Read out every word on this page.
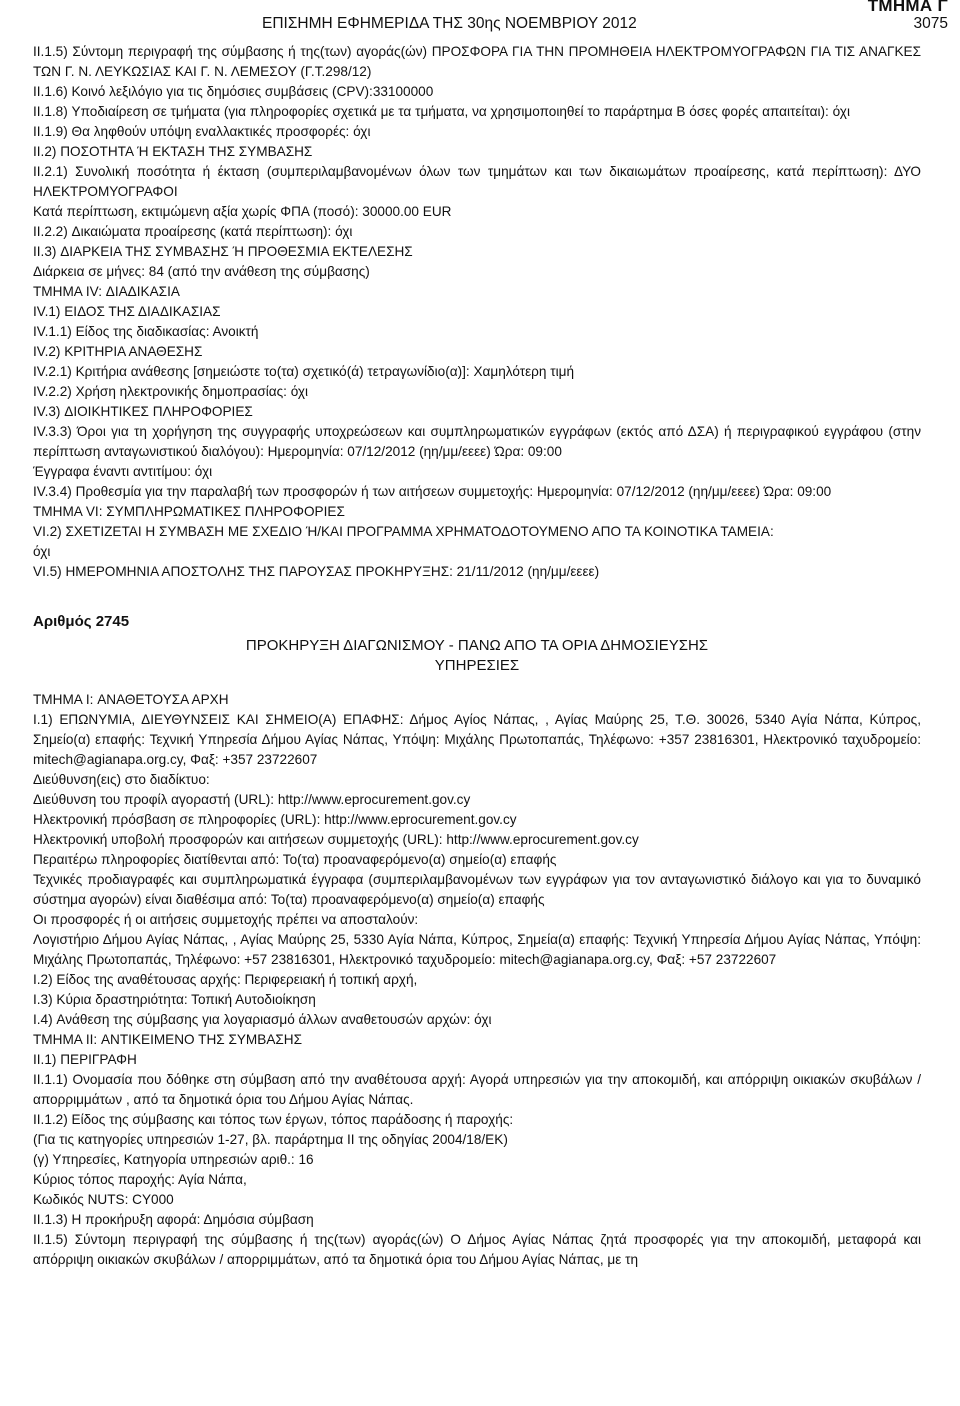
ΤΜΗΜΑ Γ
ΕΠΙΣΗΜΗ ΕΦΗΜΕΡΙΔΑ ΤΗΣ 30ης ΝΟΕΜΒΡΙΟΥ 2012	3075

II.1.5) Σύντομη περιγραφή της σύμβασης ή της(των) αγοράς(ών) ΠΡΟΣΦΟΡΑ ΓΙΑ ΤΗΝ ΠΡΟΜΗΘΕΙΑ ΗΛΕΚΤΡΟΜΥΟΓΡΑΦΩΝ ΓΙΑ ΤΙΣ ΑΝΑΓΚΕΣ ΤΩΝ Γ. Ν. ΛΕΥΚΩΣΙΑΣ ΚΑΙ Γ. Ν. ΛΕΜΕΣΟΥ (Γ.Τ.298/12)

II.1.6) Κοινό λεξιλόγιο για τις δημόσιες συμβάσεις (CPV):33100000

II.1.8) Υποδιαίρεση σε τμήματα (για πληροφορίες σχετικά με τα τμήματα, να χρησιμοποιηθεί το παράρτημα B όσες φορές απαιτείται): όχι

II.1.9) Θα ληφθούν υπόψη εναλλακτικές προσφορές: όχι

II.2) ΠΟΣΟΤΗΤΑ Ή ΕΚΤΑΣΗ ΤΗΣ ΣΥΜΒΑΣΗΣ

II.2.1) Συνολική ποσότητα ή έκταση (συμπεριλαμβανομένων όλων των τμημάτων και των δικαιωμάτων προαίρεσης, κατά περίπτωση): ΔΥΟ ΗΛΕΚΤΡΟΜΥΟΓΡΑΦΟΙ

Κατά περίπτωση, εκτιμώμενη αξία χωρίς ΦΠΑ (ποσό): 30000.00 EUR

II.2.2) Δικαιώματα προαίρεσης (κατά περίπτωση): όχι

II.3) ΔΙΑΡΚΕΙΑ ΤΗΣ ΣΥΜΒΑΣΗΣ Ή ΠΡΟΘΕΣΜΙΑ ΕΚΤΕΛΕΣΗΣ

Διάρκεια σε μήνες: 84 (από την ανάθεση της σύμβασης)

ΤΜΗΜΑ IV: ΔΙΑΔΙΚΑΣΙΑ

IV.1) ΕΙΔΟΣ ΤΗΣ ΔΙΑΔΙΚΑΣΙΑΣ

IV.1.1) Είδος της διαδικασίας: Ανοικτή

IV.2) ΚΡΙΤΗΡΙΑ ΑΝΑΘΕΣΗΣ

IV.2.1) Κριτήρια ανάθεσης [σημειώστε το(τα) σχετικό(ά) τετραγωνίδιο(α)]: Χαμηλότερη τιμή

IV.2.2) Χρήση ηλεκτρονικής δημοπρασίας: όχι

IV.3) ΔΙΟΙΚΗΤΙΚΕΣ ΠΛΗΡΟΦΟΡΙΕΣ

IV.3.3) Όροι για τη χορήγηση της συγγραφής υποχρεώσεων και συμπληρωματικών εγγράφων (εκτός από ΔΣΑ) ή περιγραφικού εγγράφου (στην περίπτωση ανταγωνιστικού διαλόγου): Ημερομηνία: 07/12/2012 (ηη/μμ/εεεε) Ώρα: 09:00

Έγγραφα έναντι αντιτίμου: όχι

IV.3.4) Προθεσμία για την παραλαβή των προσφορών ή των αιτήσεων συμμετοχής: Ημερομηνία: 07/12/2012 (ηη/μμ/εεεε) Ώρα: 09:00

ΤΜΗΜΑ VI: ΣΥΜΠΛΗΡΩΜΑΤΙΚΕΣ ΠΛΗΡΟΦΟΡΙΕΣ

VI.2) ΣΧΕΤΙΖΕΤΑΙ Η ΣΥΜΒΑΣΗ ΜΕ ΣΧΕΔΙΟ Ή/ΚΑΙ ΠΡΟΓΡΑΜΜΑ ΧΡΗΜΑΤΟΔΟΤΟΥΜΕΝΟ ΑΠΟ ΤΑ ΚΟΙΝΟΤΙΚΑ ΤΑΜΕΙΑ:

όχι

VI.5) ΗΜΕΡΟΜΗΝΙΑ ΑΠΟΣΤΟΛΗΣ ΤΗΣ ΠΑΡΟΥΣΑΣ ΠΡΟΚΗΡΥΞΗΣ: 21/11/2012 (ηη/μμ/εεεε)

Αριθμός 2745
ΠΡΟΚΗΡΥΞΗ ΔΙΑΓΩΝΙΣΜΟΥ - ΠΑΝΩ ΑΠΟ ΤΑ ΟΡΙΑ ΔΗΜΟΣΙΕΥΣΗΣ
ΥΠΗΡΕΣΙΕΣ

ΤΜΗΜΑ I: ΑΝΑΘΕΤΟΥΣΑ ΑΡΧΗ

I.1) ΕΠΩΝΥΜΙΑ, ΔΙΕΥΘΥΝΣΕΙΣ ΚΑΙ ΣΗΜΕΙΟ(Α) ΕΠΑΦΗΣ: Δήμος Αγίος Νάπας, , Αγίας Μαύρης 25, Τ.Θ. 30026, 5340 Αγία Νάπα, Κύπρος, Σημείο(α) επαφής: Τεχνική Υπηρεσία Δήμου Αγίας Νάπας, Υπόψη: Μιχάλης Πρωτοπαπάς, Τηλέφωνο: +357 23816301, Ηλεκτρονικό ταχυδρομείο: mitech@agianapa.org.cy, Φαξ: +357 23722607

Διεύθυνση(εις) στο διαδίκτυο:

Διεύθυνση του προφίλ αγοραστή (URL): http://www.eprocurement.gov.cy

Ηλεκτρονική πρόσβαση σε πληροφορίες (URL): http://www.eprocurement.gov.cy

Ηλεκτρονική υποβολή προσφορών και αιτήσεων συμμετοχής (URL): http://www.eprocurement.gov.cy

Περαιτέρω πληροφορίες διατίθενται από: Το(τα) προαναφερόμενο(α) σημείο(α) επαφής

Τεχνικές προδιαγραφές και συμπληρωματικά έγγραφα (συμπεριλαμβανομένων των εγγράφων για τον ανταγωνιστικό διάλογο και για το δυναμικό σύστημα αγορών) είναι διαθέσιμα από: Το(τα) προαναφερόμενο(α) σημείο(α) επαφής

Οι προσφορές ή οι αιτήσεις συμμετοχής πρέπει να αποσταλούν:

Λογιστήριο Δήμου Αγίας Νάπας, , Αγίας Μαύρης 25, 5330 Αγία Νάπα, Κύπρος, Σημεία(α) επαφής: Τεχνική Υπηρεσία Δήμου Αγίας Νάπας, Υπόψη: Μιχάλης Πρωτοπαπάς, Τηλέφωνο: +57 23816301, Ηλεκτρονικό ταχυδρομείο: mitech@agianapa.org.cy, Φαξ: +57 23722607

I.2) Είδος της αναθέτουσας αρχής: Περιφερειακή ή τοπική αρχή,

I.3) Κύρια δραστηριότητα: Τοπική Αυτοδιοίκηση

I.4) Ανάθεση της σύμβασης για λογαριασμό άλλων αναθετουσών αρχών: όχι

ΤΜΗΜΑ II: ΑΝΤΙΚΕΙΜΕΝΟ ΤΗΣ ΣΥΜΒΑΣΗΣ

II.1) ΠΕΡΙΓΡΑΦΗ

II.1.1) Ονομασία που δόθηκε στη σύμβαση από την αναθέτουσα αρχή: Αγορά υπηρεσιών για την αποκομιδή, και απόρριψη οικιακών σκυβάλων / απορριμμάτων , από τα δημοτικά όρια του Δήμου Αγίας Νάπας.

II.1.2) Είδος της σύμβασης και τόπος των έργων, τόπος παράδοσης ή παροχής:

(Για τις κατηγορίες υπηρεσιών 1-27, βλ. παράρτημα II της οδηγίας 2004/18/ΕΚ)

(γ) Υπηρεσίες, Κατηγορία υπηρεσιών αριθ.: 16

Κύριος τόπος παροχής: Αγία Νάπα,

Κωδικός NUTS: CY000

II.1.3) Η προκήρυξη αφορά: Δημόσια σύμβαση

II.1.5) Σύντομη περιγραφή της σύμβασης ή της(των) αγοράς(ών) Ο Δήμος Αγίας Νάπας ζητά προσφορές για την αποκομιδή, μεταφορά και απόρριψη οικιακών σκυβάλων / απορριμμάτων, από τα δημοτικά όρια του Δήμου Αγίας Νάπας, με τη
